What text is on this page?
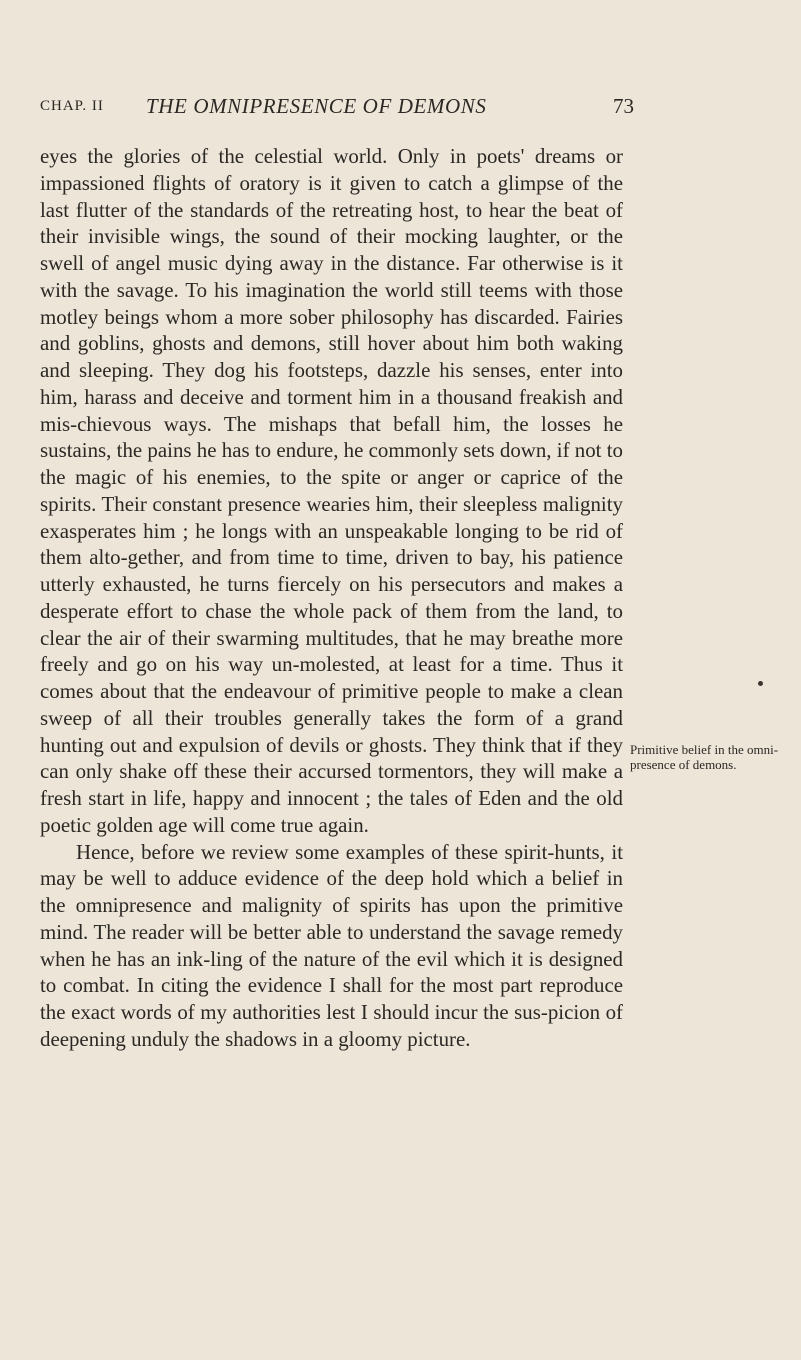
CHAP. II THE OMNIPRESENCE OF DEMONS	73

eyes the glories of the celestial world. Only in poets' dreams or impassioned flights of oratory is it given to catch a glimpse of the last flutter of the standards of the retreating host, to hear the beat of their invisible wings, the sound of their mocking laughter, or the swell of angel music dying away in the distance. Far otherwise is it with the savage. To his imagination the world still teems with those motley beings whom a more sober philosophy has discarded. Fairies and goblins, ghosts and demons, still hover about him both waking and sleeping. They dog his footsteps, dazzle his senses, enter into him, harass and deceive and torment him in a thousand freakish and mis-chievous ways. The mishaps that befall him, the losses he sustains, the pains he has to endure, he commonly sets down, if not to the magic of his enemies, to the spite or anger or caprice of the spirits. Their constant presence wearies him, their sleepless malignity exasperates him ; he longs with an unspeakable longing to be rid of them alto-gether, and from time to time, driven to bay, his patience utterly exhausted, he turns fiercely on his persecutors and makes a desperate effort to chase the whole pack of them from the land, to clear the air of their swarming multitudes, that he may breathe more freely and go on his way un-molested, at least for a time. Thus it comes about that the endeavour of primitive people to make a clean sweep of all their troubles generally takes the form of a grand hunting out and expulsion of devils or ghosts. They think that if they can only shake off these their accursed tormentors, they will make a fresh start in life, happy and innocent ; the tales of Eden and the old poetic golden age will come true again.

Hence, before we review some examples of these spirit-hunts, it may be well to adduce evidence of the deep hold which a belief in the omnipresence and malignity of spirits has upon the primitive mind. The reader will be better able to understand the savage remedy when he has an ink-ling of the nature of the evil which it is designed to combat. In citing the evidence I shall for the most part reproduce the exact words of my authorities lest I should incur the sus-picion of deepening unduly the shadows in a gloomy picture.

Primitive belief in the omni-presence of demons.
